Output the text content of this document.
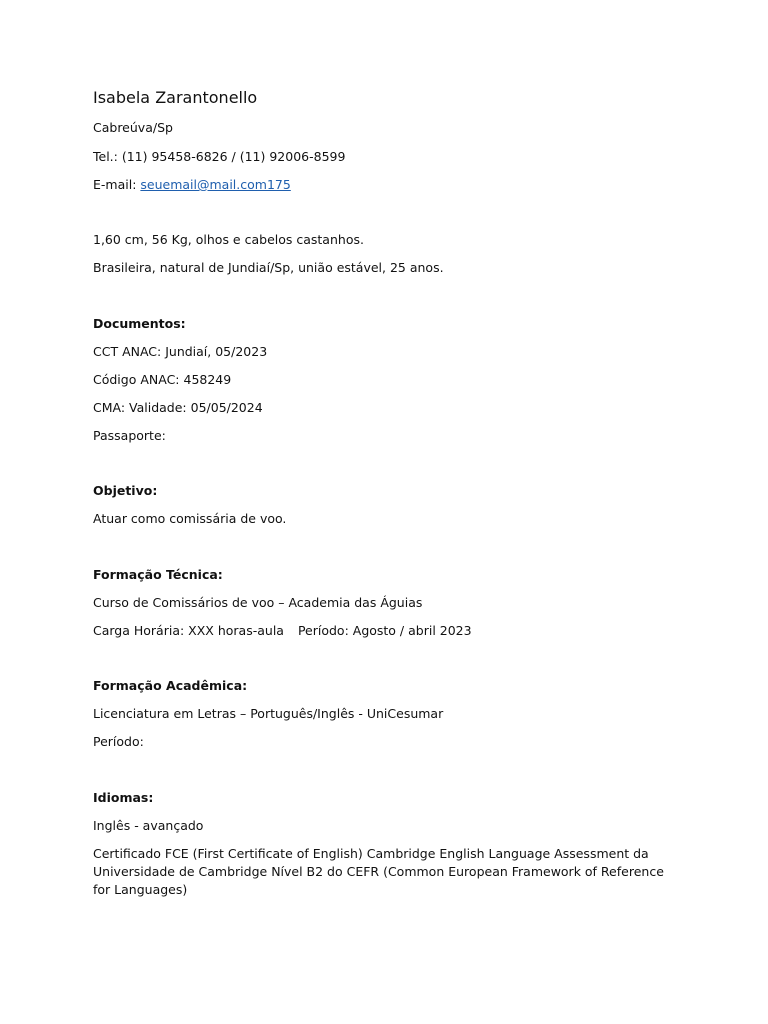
Isabela Zarantonello
Cabreúva/Sp
Tel.: (11) 95458-6826 / (11) 92006-8599
E-mail: seuemail@mail.com175
1,60 cm, 56 Kg, olhos e cabelos castanhos.
Brasileira, natural de Jundiaí/Sp, união estável, 25 anos.
Documentos:
CCT ANAC: Jundiaí, 05/2023
Código ANAC: 458249
CMA: Validade: 05/05/2024
Passaporte:
Objetivo:
Atuar como comissária de voo.
Formação Técnica:
Curso de Comissários de voo – Academia das Águias
Carga Horária: XXX horas-aula Período: Agosto / abril 2023
Formação Acadêmica:
Licenciatura em Letras – Português/Inglês - UniCesumar
Período:
Idiomas:
Inglês - avançado
Certificado FCE (First Certificate of English) Cambridge English Language Assessment da Universidade de Cambridge Nível B2 do CEFR (Common European Framework of Reference for Languages)
